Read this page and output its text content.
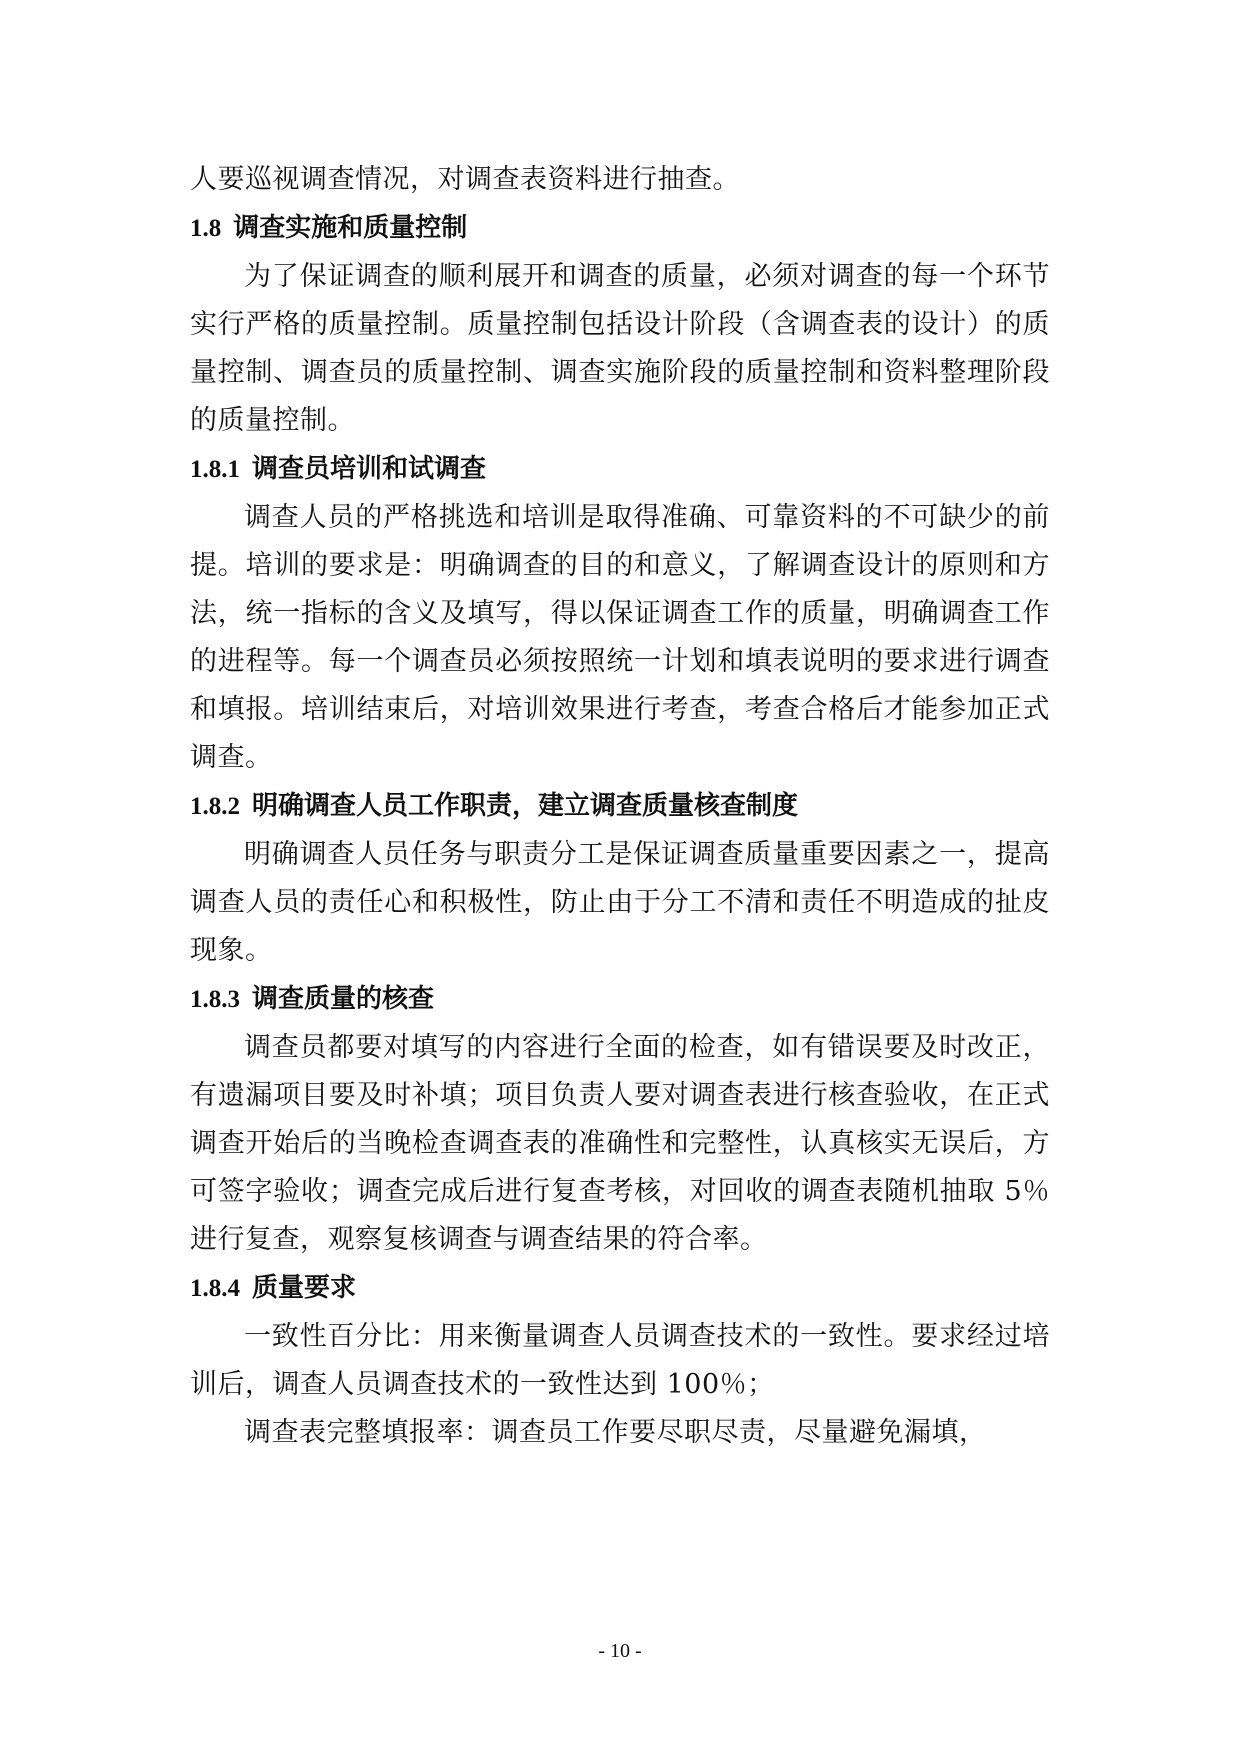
人要巡视调查情况，对调查表资料进行抽查。

1.8 调查实施和质量控制

为了保证调查的顺利展开和调查的质量，必须对调查的每一个环节实行严格的质量控制。质量控制包括设计阶段（含调查表的设计）的质量控制、调查员的质量控制、调查实施阶段的质量控制和资料整理阶段的质量控制。

1.8.1 调查员培训和试调查

调查人员的严格挑选和培训是取得准确、可靠资料的不可缺少的前提。培训的要求是：明确调查的目的和意义，了解调查设计的原则和方法，统一指标的含义及填写，得以保证调查工作的质量，明确调查工作的进程等。每一个调查员必须按照统一计划和填表说明的要求进行调查和填报。培训结束后，对培训效果进行考查，考查合格后才能参加正式调查。

1.8.2 明确调查人员工作职责，建立调查质量核查制度

明确调查人员任务与职责分工是保证调查质量重要因素之一，提高调查人员的责任心和积极性，防止由于分工不清和责任不明造成的扯皮现象。

1.8.3 调查质量的核查

调查员都要对填写的内容进行全面的检查，如有错误要及时改正，有遗漏项目要及时补填；项目负责人要对调查表进行核查验收，在正式调查开始后的当晚检查调查表的准确性和完整性，认真核实无误后，方可签字验收；调查完成后进行复查考核，对回收的调查表随机抽取 5％进行复查，观察复核调查与调查结果的符合率。

1.8.4 质量要求

一致性百分比：用来衡量调查人员调查技术的一致性。要求经过培训后，调查人员调查技术的一致性达到 100％；

调查表完整填报率：调查员工作要尽职尽责，尽量避免漏填，

- 10 -
